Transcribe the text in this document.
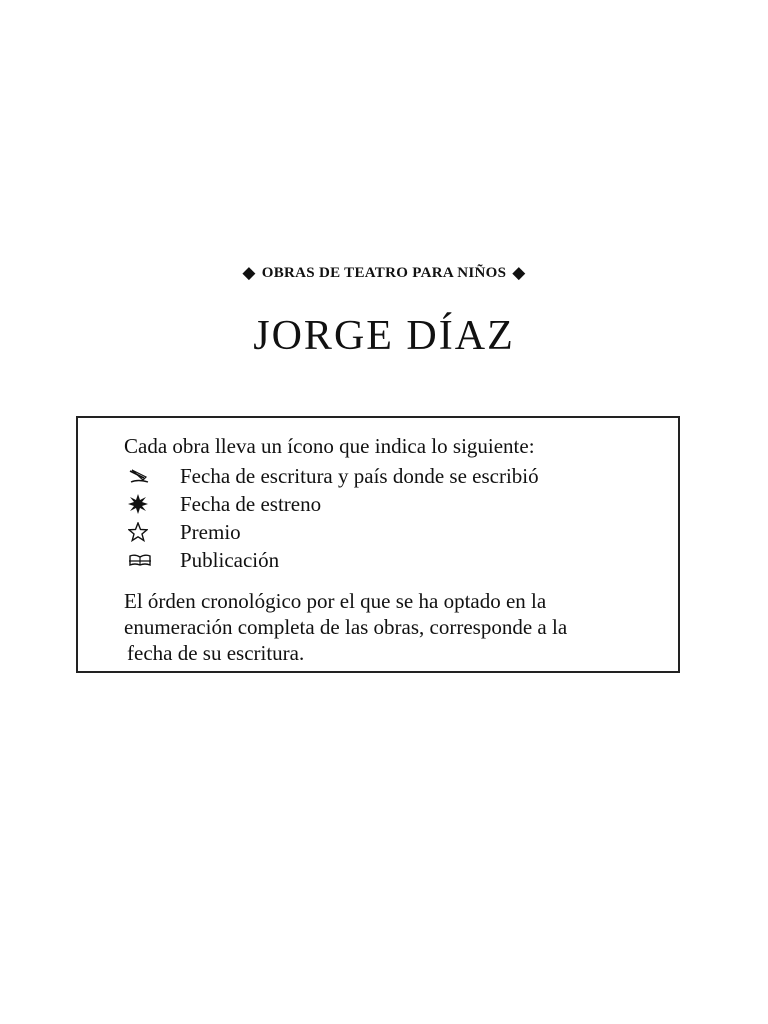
◆ OBRAS DE TEATRO PARA NIÑOS ◆
JORGE DÍAZ
Cada obra lleva un ícono que indica lo siguiente:
Fecha de escritura y país donde se escribió
Fecha de estreno
Premio
Publicación
El órden cronológico por el que se ha optado en la
enumeración completa de las obras, corresponde a la
fecha de su escritura.
